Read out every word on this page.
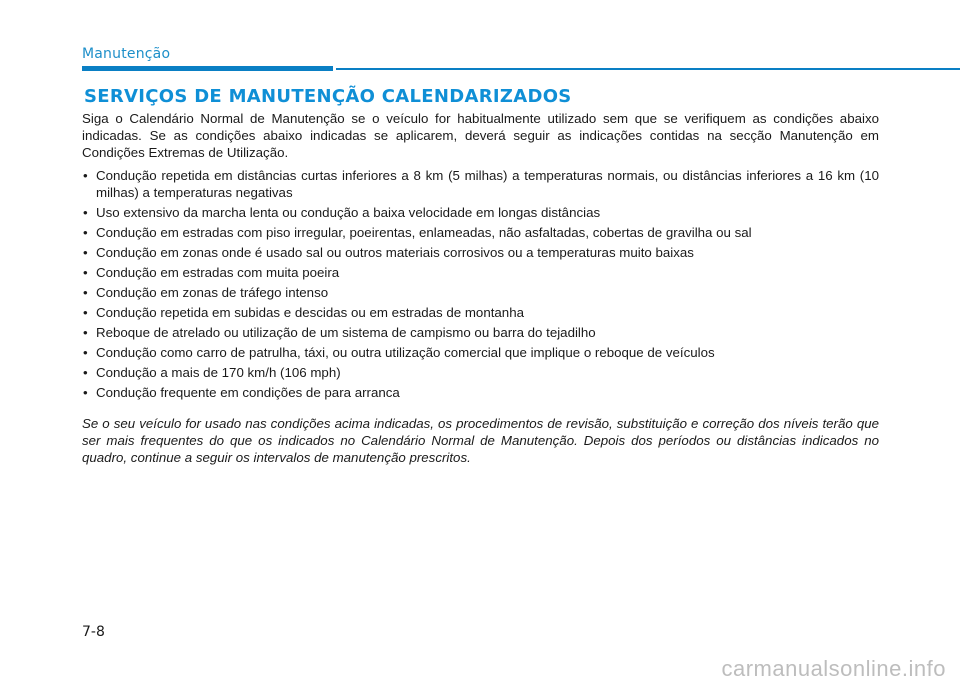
Manutenção
SERVIÇOS DE MANUTENÇÃO CALENDARIZADOS

Siga o Calendário Normal de Manutenção se o veículo for habitualmente utilizado sem que se verifiquem as condições abaixo indicadas. Se as condições abaixo indicadas se aplicarem, deverá seguir as indicações contidas na secção Manutenção em Condições Extremas de Utilização.

• Condução repetida em distâncias curtas inferiores a 8 km (5 milhas) a temperaturas normais, ou distâncias inferiores a 16 km (10 milhas) a temperaturas negativas
• Uso extensivo da marcha lenta ou condução a baixa velocidade em longas distâncias
• Condução em estradas com piso irregular, poeirentas, enlameadas, não asfaltadas, cobertas de gravilha ou sal
• Condução em zonas onde é usado sal ou outros materiais corrosivos ou a temperaturas muito baixas
• Condução em estradas com muita poeira
• Condução em zonas de tráfego intenso
• Condução repetida em subidas e descidas ou em estradas de montanha
• Reboque de atrelado ou utilização de um sistema de campismo ou barra do tejadilho
• Condução como carro de patrulha, táxi, ou outra utilização comercial que implique o reboque de veículos
• Condução a mais de 170 km/h (106 mph)
• Condução frequente em condições de para arranca

Se o seu veículo for usado nas condições acima indicadas, os procedimentos de revisão, substituição e correção dos níveis terão que ser mais frequentes do que os indicados no Calendário Normal de Manutenção. Depois dos períodos ou distâncias indicados no quadro, continue a seguir os intervalos de manutenção prescritos.

7-8
carmanualsonline.info
